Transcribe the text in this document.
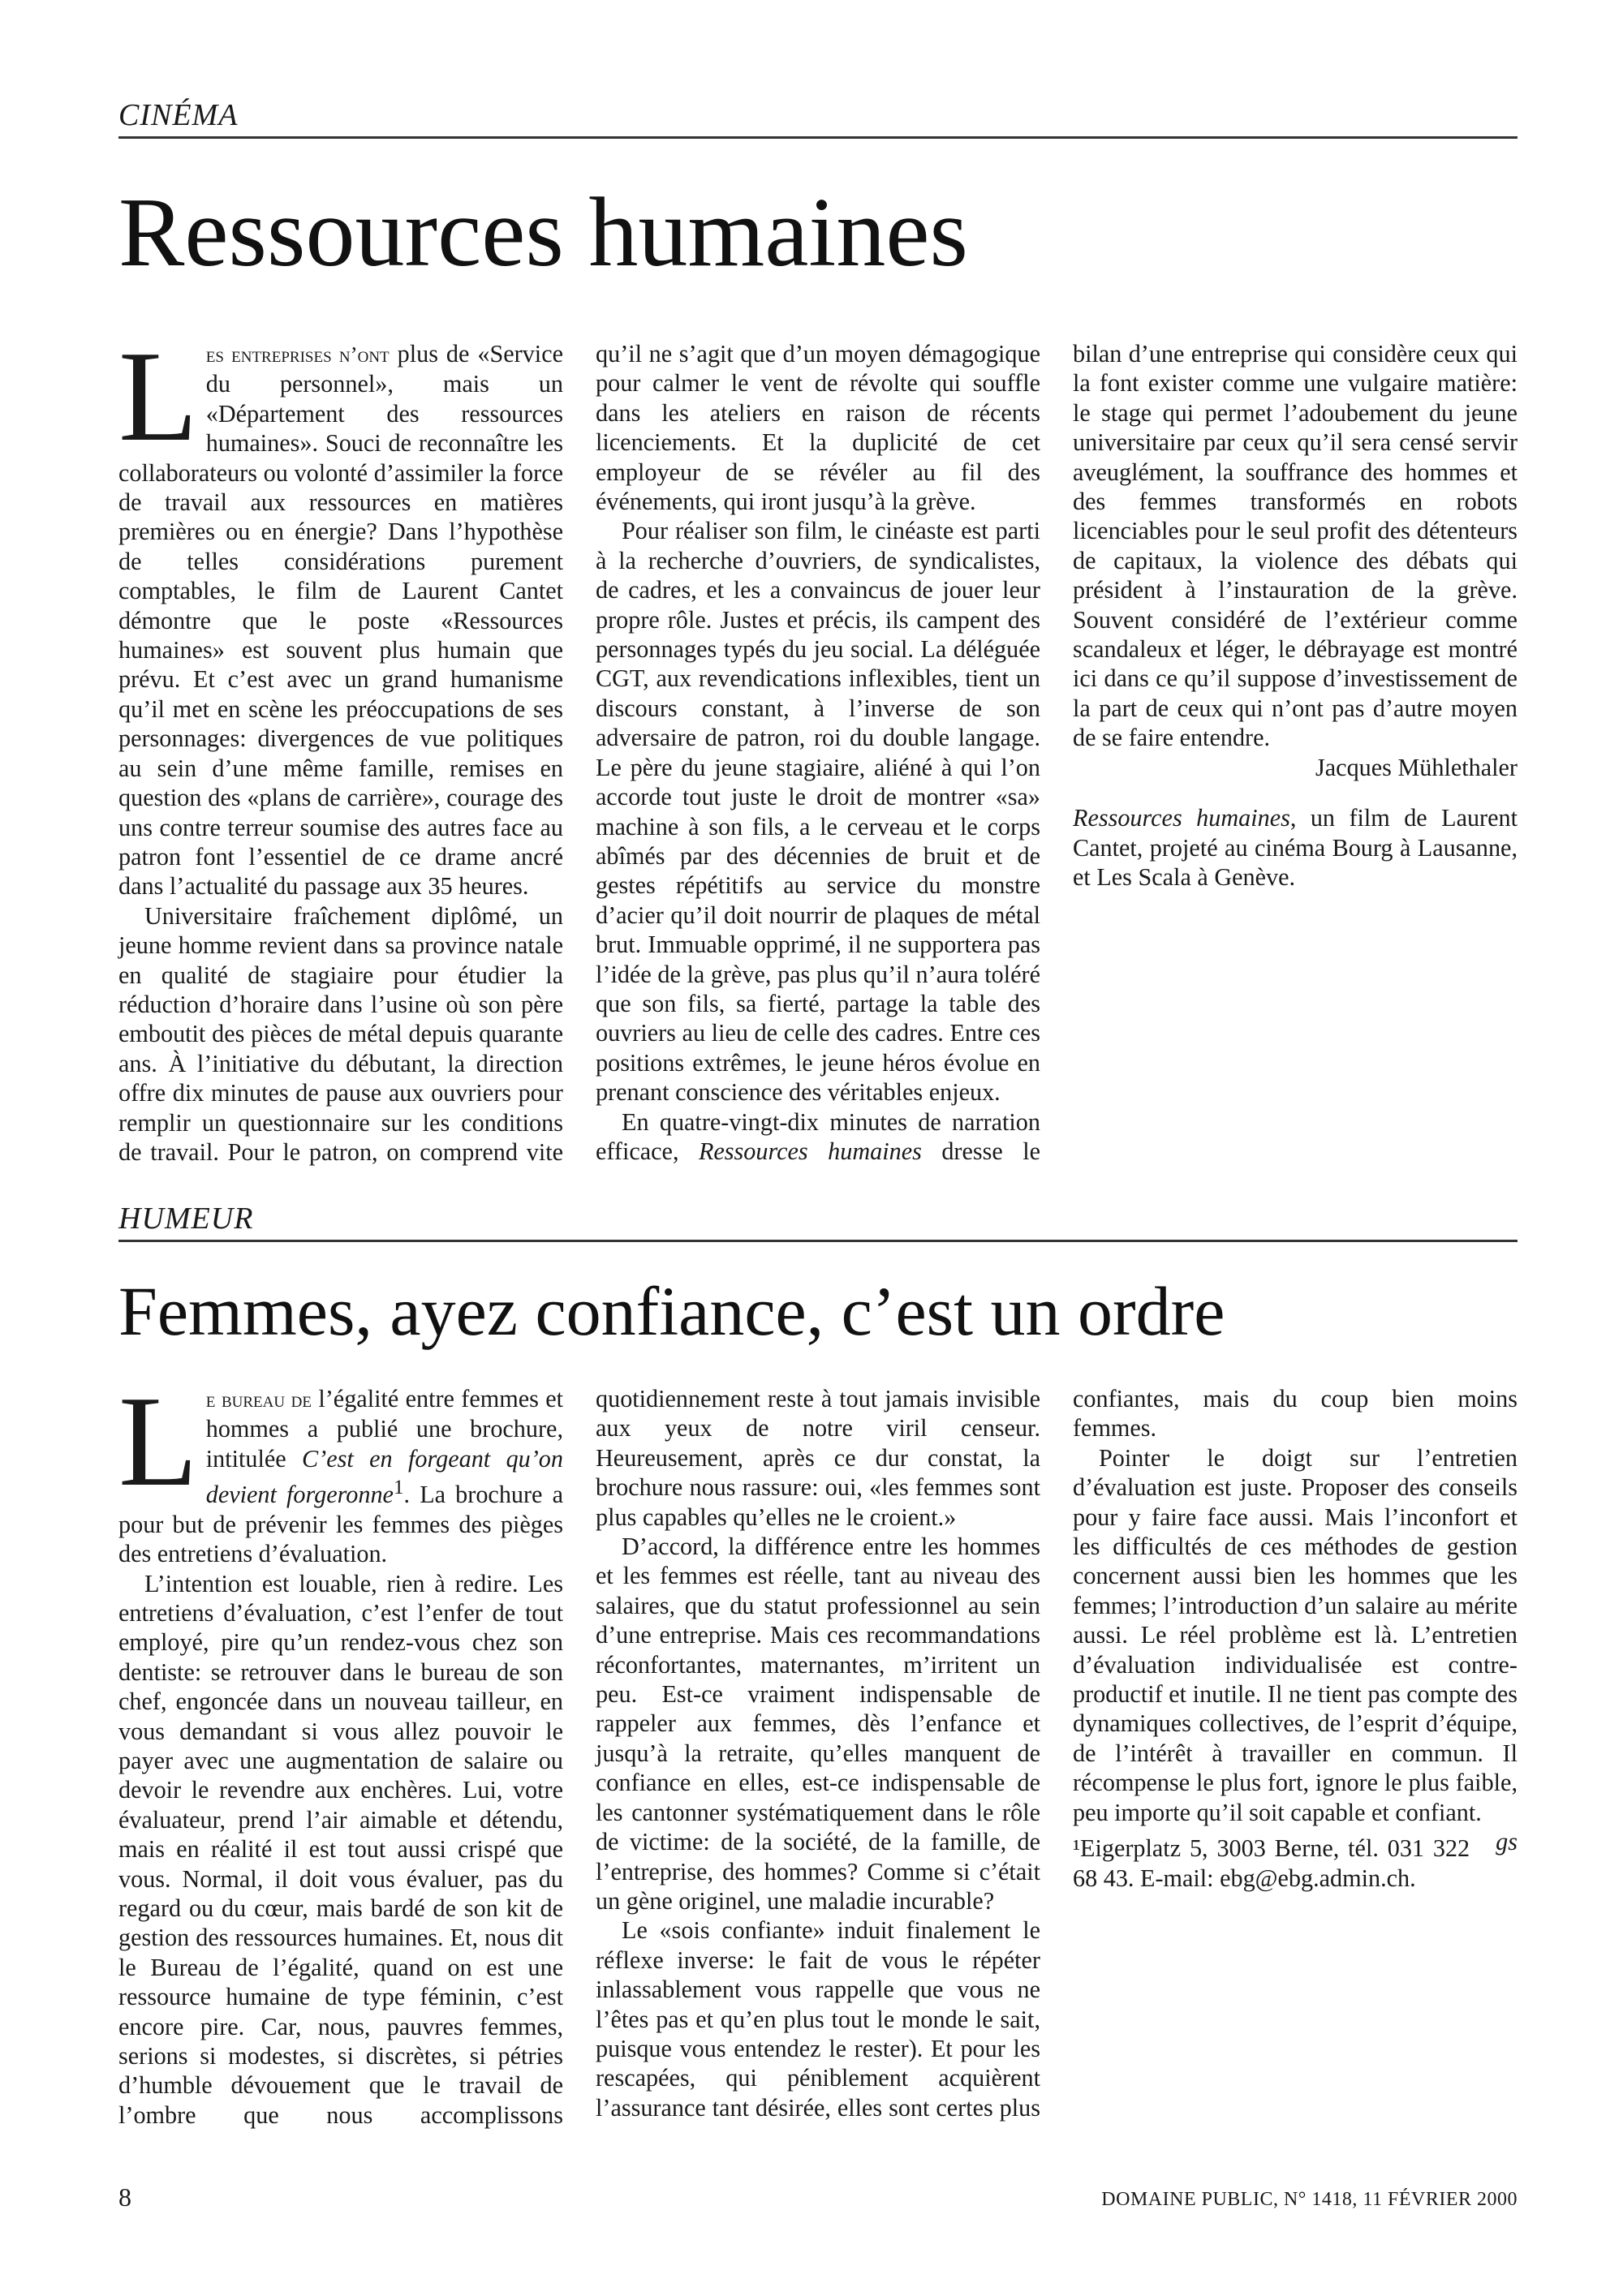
CINÉMA
Ressources humaines

Les entreprises n’ont plus de «Service du personnel», mais un «Département des ressources humaines». Souci de reconnaître les collaborateurs ou volonté d’assimiler la force de travail aux ressources en matières premières ou en énergie? Dans l’hypothèse de telles considérations purement comptables, le film de Laurent Cantet démontre que le poste «Ressources humaines» est souvent plus humain que prévu. Et c’est avec un grand humanisme qu’il met en scène les préoccupations de ses personnages: divergences de vue politiques au sein d’une même famille, remises en question des «plans de carrière», courage des uns contre terreur soumise des autres face au patron font l’essentiel de ce drame ancré dans l’actualité du passage aux 35 heures.

Universitaire fraîchement diplômé, un jeune homme revient dans sa province natale en qualité de stagiaire pour étudier la réduction d’horaire dans l’usine où son père emboutit des pièces de métal depuis quarante ans. À l’initiative du débutant, la direction offre dix minutes de pause aux ouvriers pour remplir un questionnaire sur les conditions de travail. Pour le patron, on comprend vite qu’il ne s’agit que d’un moyen démagogique pour calmer le vent de révolte qui souffle dans les ateliers en raison de récents licenciements. Et la duplicité de cet employeur de se révéler au fil des événements, qui iront jusqu’à la grève.

Pour réaliser son film, le cinéaste est parti à la recherche d’ouvriers, de syndicalistes, de cadres, et les a convaincus de jouer leur propre rôle. Justes et précis, ils campent des personnages typés du jeu social. La déléguée CGT, aux revendications inflexibles, tient un discours constant, à l’inverse de son adversaire de patron, roi du double langage. Le père du jeune stagiaire, aliéné à qui l’on accorde tout juste le droit de montrer «sa» machine à son fils, a le cerveau et le corps abîmés par des décennies de bruit et de gestes répétitifs au service du monstre d’acier qu’il doit nourrir de plaques de métal brut. Immuable opprimé, il ne supportera pas l’idée de la grève, pas plus qu’il n’aura toléré que son fils, sa fierté, partage la table des ouvriers au lieu de celle des cadres. Entre ces positions extrêmes, le jeune héros évolue en prenant conscience des véritables enjeux.

En quatre-vingt-dix minutes de narration efficace, Ressources humaines dresse le bilan d’une entreprise qui considère ceux qui la font exister comme une vulgaire matière: le stage qui permet l’adoubement du jeune universitaire par ceux qu’il sera censé servir aveuglément, la souffrance des hommes et des femmes transformés en robots licenciables pour le seul profit des détenteurs de capitaux, la violence des débats qui président à l’instauration de la grève. Souvent considéré de l’extérieur comme scandaleux et léger, le débrayage est montré ici dans ce qu’il suppose d’investissement de la part de ceux qui n’ont pas d’autre moyen de se faire entendre.

Jacques Mühlethaler

Ressources humaines, un film de Laurent Cantet, projeté au cinéma Bourg à Lausanne, et Les Scala à Genève.

HUMEUR
Femmes, ayez confiance, c’est un ordre

Le bureau de l’égalité entre femmes et hommes a publié une brochure, intitulée C’est en forgeant qu’on devient forgeronne$^1$. La brochure a pour but de prévenir les femmes des pièges des entretiens d’évaluation.

L’intention est louable, rien à redire. Les entretiens d’évaluation, c’est l’enfer de tout employé, pire qu’un rendez-vous chez son dentiste: se retrouver dans le bureau de son chef, engoncée dans un nouveau tailleur, en vous demandant si vous allez pouvoir le payer avec une augmentation de salaire ou devoir le revendre aux enchères. Lui, votre évaluateur, prend l’air aimable et détendu, mais en réalité il est tout aussi crispé que vous. Normal, il doit vous évaluer, pas du regard ou du cœur, mais bardé de son kit de gestion des ressources humaines. Et, nous dit le Bureau de l’égalité, quand on est une ressource humaine de type féminin, c’est encore pire. Car, nous, pauvres femmes, serions si modestes, si discrètes, si pétries d’humble dévouement que le travail de l’ombre que nous accomplissons quotidiennement reste à tout jamais invisible aux yeux de notre viril censeur. Heureusement, après ce dur constat, la brochure nous rassure: oui, «les femmes sont plus capables qu’elles ne le croient.»

D’accord, la différence entre les hommes et les femmes est réelle, tant au niveau des salaires, que du statut professionnel au sein d’une entreprise. Mais ces recommandations réconfortantes, maternantes, m’irritent un peu. Est-ce vraiment indispensable de rappeler aux femmes, dès l’enfance et jusqu’à la retraite, qu’elles manquent de confiance en elles, est-ce indispensable de les cantonner systématiquement dans le rôle de victime: de la société, de la famille, de l’entreprise, des hommes? Comme si c’était un gène originel, une maladie incurable?

Le «sois confiante» induit finalement le réflexe inverse: le fait de vous le répéter inlassablement vous rappelle que vous ne l’êtes pas et qu’en plus tout le monde le sait, puisque vous entendez le rester). Et pour les rescapées, qui péniblement acquièrent l’assurance tant désirée, elles sont certes plus confiantes, mais du coup bien moins femmes.

Pointer le doigt sur l’entretien d’évaluation est juste. Proposer des conseils pour y faire face aussi. Mais l’inconfort et les difficultés de ces méthodes de gestion concernent aussi bien les hommes que les femmes; l’introduction d’un salaire au mérite aussi. Le réel problème est là. L’entretien d’évaluation individualisée est contre-productif et inutile. Il ne tient pas compte des dynamiques collectives, de l’esprit d’équipe, de l’intérêt à travailler en commun. Il récompense le plus fort, ignore le plus faible, peu importe qu’il soit capable et confiant.
gs

¹Eigerplatz 5, 3003 Berne, tél. 031 322 68 43. E-mail: ebg@ebg.admin.ch.

8	DOMAINE PUBLIC, N° 1418, 11 FÉVRIER 2000
